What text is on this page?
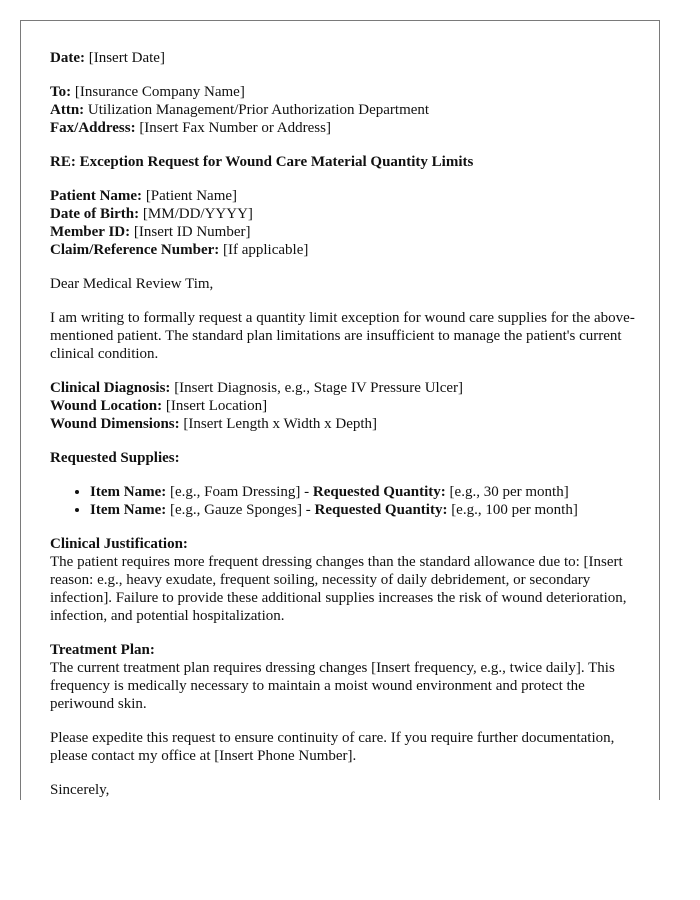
Date: [Insert Date]

To: [Insurance Company Name]
Attn: Utilization Management/Prior Authorization Department
Fax/Address: [Insert Fax Number or Address]

RE: Exception Request for Wound Care Material Quantity Limits

Patient Name: [Patient Name]
Date of Birth: [MM/DD/YYYY]
Member ID: [Insert ID Number]
Claim/Reference Number: [If applicable]

Dear Medical Review Tim,

I am writing to formally request a quantity limit exception for wound care supplies for the above-mentioned patient. The standard plan limitations are insufficient to manage the patient's current clinical condition.

Clinical Diagnosis: [Insert Diagnosis, e.g., Stage IV Pressure Ulcer]
Wound Location: [Insert Location]
Wound Dimensions: [Insert Length x Width x Depth]

Requested Supplies:

• Item Name: [e.g., Foam Dressing] - Requested Quantity: [e.g., 30 per month]
• Item Name: [e.g., Gauze Sponges] - Requested Quantity: [e.g., 100 per month]

Clinical Justification:
The patient requires more frequent dressing changes than the standard allowance due to: [Insert reason: e.g., heavy exudate, frequent soiling, necessity of daily debridement, or secondary infection]. Failure to provide these additional supplies increases the risk of wound deterioration, infection, and potential hospitalization.

Treatment Plan:
The current treatment plan requires dressing changes [Insert frequency, e.g., twice daily]. This frequency is medically necessary to maintain a moist wound environment and protect the periwound skin.

Please expedite this request to ensure continuity of care. If you require further documentation, please contact my office at [Insert Phone Number].

Sincerely,
